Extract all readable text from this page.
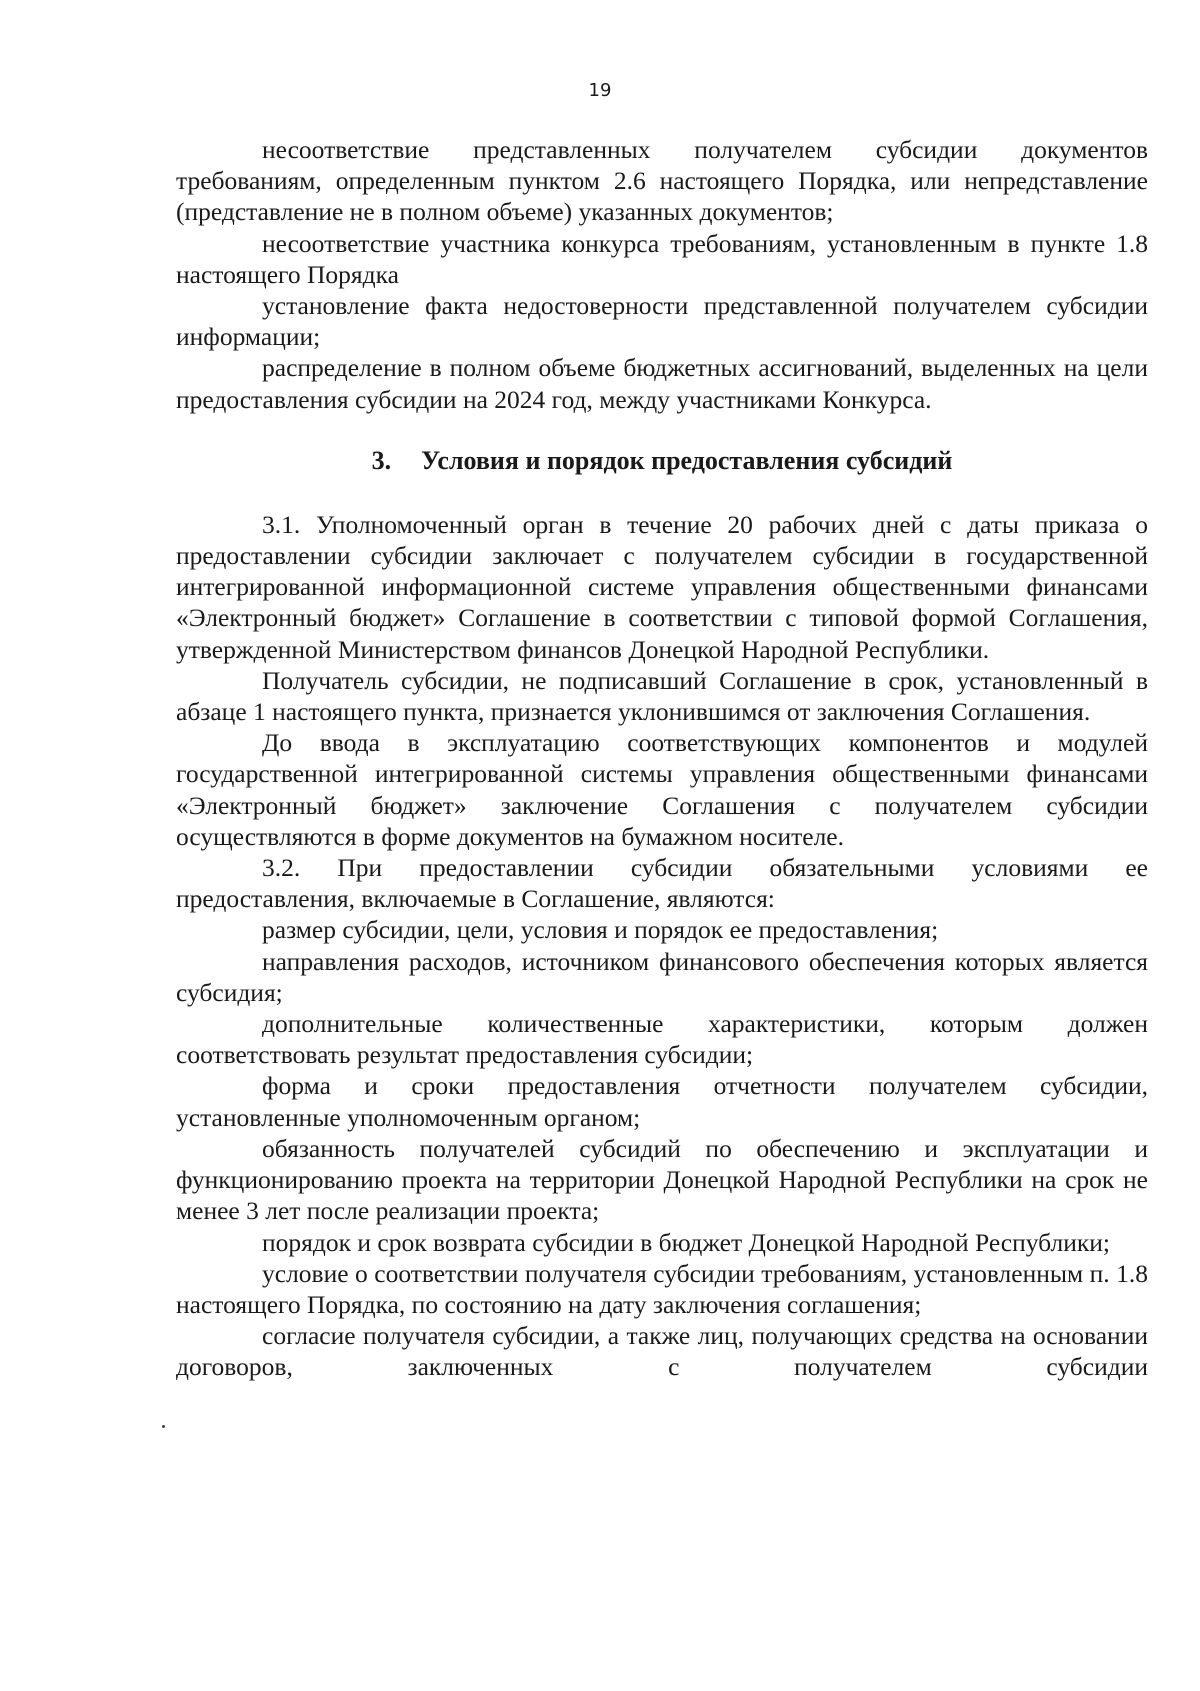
19

несоответствие представленных получателем субсидии документов требованиям, определенным пунктом 2.6 настоящего Порядка, или непредставление (представление не в полном объеме) указанных документов;

несоответствие участника конкурса требованиям, установленным в пункте 1.8 настоящего Порядка

установление факта недостоверности представленной получателем субсидии информации;

распределение в полном объеме бюджетных ассигнований, выделенных на цели предоставления субсидии на 2024 год, между участниками Конкурса.

3. Условия и порядок предоставления субсидий

3.1. Уполномоченный орган в течение 20 рабочих дней с даты приказа о предоставлении субсидии заключает с получателем субсидии в государственной интегрированной информационной системе управления общественными финансами «Электронный бюджет» Соглашение в соответствии с типовой формой Соглашения, утвержденной Министерством финансов Донецкой Народной Республики.

Получатель субсидии, не подписавший Соглашение в срок, установленный в абзаце 1 настоящего пункта, признается уклонившимся от заключения Соглашения.

До ввода в эксплуатацию соответствующих компонентов и модулей государственной интегрированной системы управления общественными финансами «Электронный бюджет» заключение Соглашения с получателем субсидии осуществляются в форме документов на бумажном носителе.

3.2. При предоставлении субсидии обязательными условиями ее предоставления, включаемые в Соглашение, являются:

размер субсидии, цели, условия и порядок ее предоставления;

направления расходов, источником финансового обеспечения которых является субсидия;

дополнительные количественные характеристики, которым должен соответствовать результат предоставления субсидии;

форма и сроки предоставления отчетности получателем субсидии, установленные уполномоченным органом;

обязанность получателей субсидий по обеспечению и эксплуатации и функционированию проекта на территории Донецкой Народной Республики на срок не менее 3 лет после реализации проекта;

порядок и срок возврата субсидии в бюджет Донецкой Народной Республики;

условие о соответствии получателя субсидии требованиям, установленным п. 1.8 настоящего Порядка, по состоянию на дату заключения соглашения;

согласие получателя субсидии, а также лиц, получающих средства на основании договоров, заключенных с получателем субсидии
